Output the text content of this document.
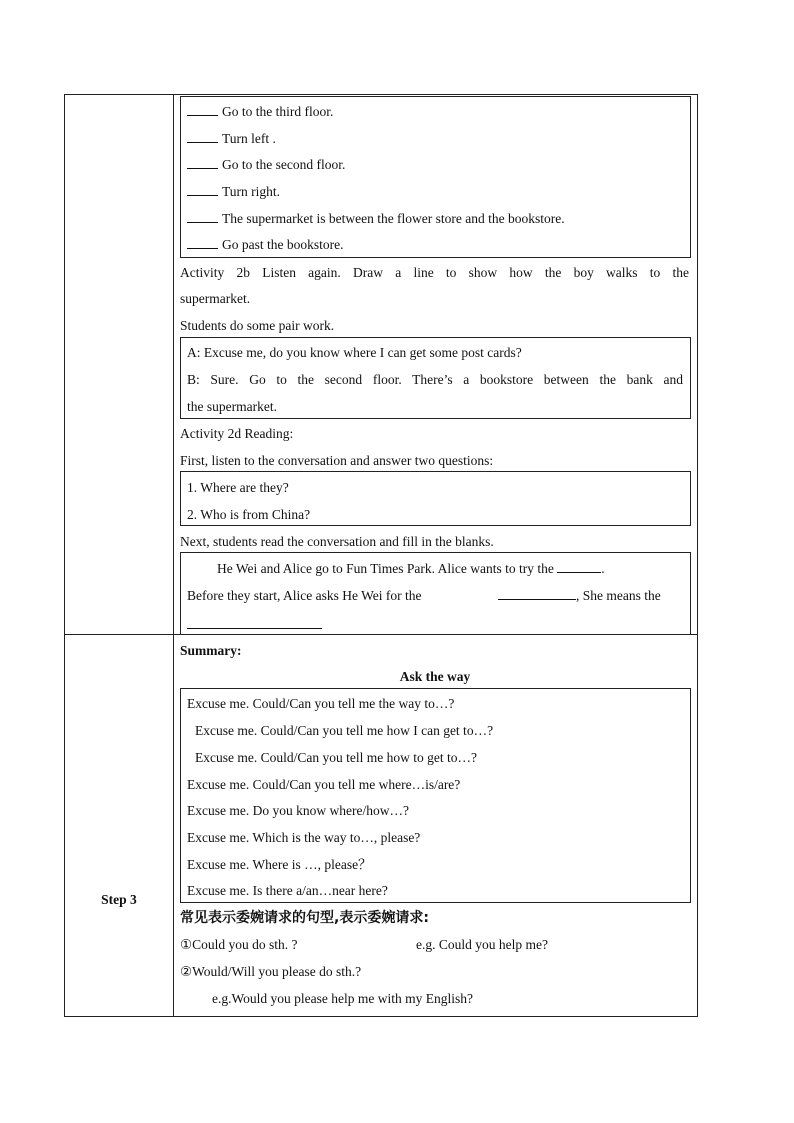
Step 3
Go to the third floor.
Turn left .
Go to the second floor.
Turn right.
The supermarket is between the flower store and the bookstore.
Go past the bookstore.
Activity 2b Listen again. Draw a line to show how the boy walks to the
supermarket.
Students do some pair work.
A: Excuse me, do you know where I can get some post cards?
B: Sure. Go to the second floor. There’s a bookstore between the bank and
the supermarket.
Activity 2d Reading:
First, listen to the conversation and answer two questions:
1. Where are they?
2. Who is from China?
Next, students read the conversation and fill in the blanks.
He Wei and Alice go to Fun Times Park. Alice wants to try the	.
Before they start, Alice asks He Wei for the	, She means the
Summary:
Ask the way
Excuse me. Could/Can you tell me the way to…?
Excuse me. Could/Can you tell me how I can get to…?
Excuse me. Could/Can you tell me how to get to…?
Excuse me. Could/Can you tell me where…is/are?
Excuse me. Do you know where/how…?
Excuse me. Which is the way to…, please?
Excuse me. Where is …, please？
Excuse me. Is there a/an…near here?
常见表示委婉请求的句型,表示委婉请求:
①Could you do sth. ?	e.g. Could you help me?
②Would/Will you please do sth.?
e.g.Would you please help me with my English?
